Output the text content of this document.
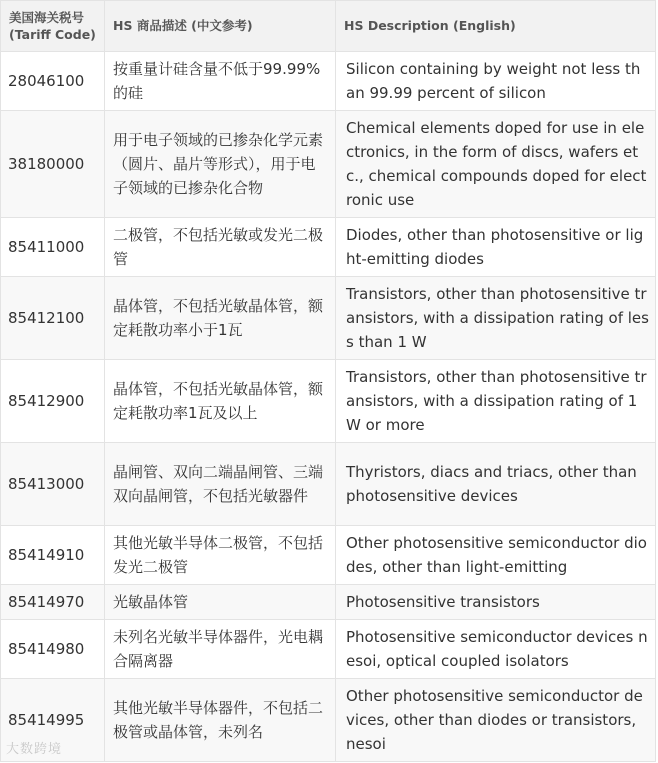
美国海关税号
(Tariff Code)	HS 商品描述 (中文参考)	HS Description (English)
28046100	按重量计硅含量不低于99.99%的硅	Silicon containing by weight not less than 99.99 percent of silicon
38180000	用于电子领域的已掺杂化学元素（圆片、晶片等形式），用于电子领域的已掺杂化合物	Chemical elements doped for use in electronics, in the form of discs, wafers etc., chemical compounds doped for electronic use
85411000	二极管，不包括光敏或发光二极管	Diodes, other than photosensitive or light-emitting diodes
85412100	晶体管，不包括光敏晶体管，额定耗散功率小于1瓦	Transistors, other than photosensitive transistors, with a dissipation rating of less than 1 W
85412900	晶体管，不包括光敏晶体管，额定耗散功率1瓦及以上	Transistors, other than photosensitive transistors, with a dissipation rating of 1 W or more
85413000	晶闸管、双向二端晶闸管、三端双向晶闸管，不包括光敏器件	Thyristors, diacs and triacs, other than photosensitive devices
85414910	其他光敏半导体二极管，不包括发光二极管	Other photosensitive semiconductor diodes, other than light-emitting
85414970	光敏晶体管	Photosensitive transistors
85414980	未列名光敏半导体器件，光电耦合隔离器	Photosensitive semiconductor devices nesoi, optical coupled isolators
85414995	其他光敏半导体器件，不包括二极管或晶体管，未列名	Other photosensitive semiconductor devices, other than diodes or transistors, nesoi
大数跨境
